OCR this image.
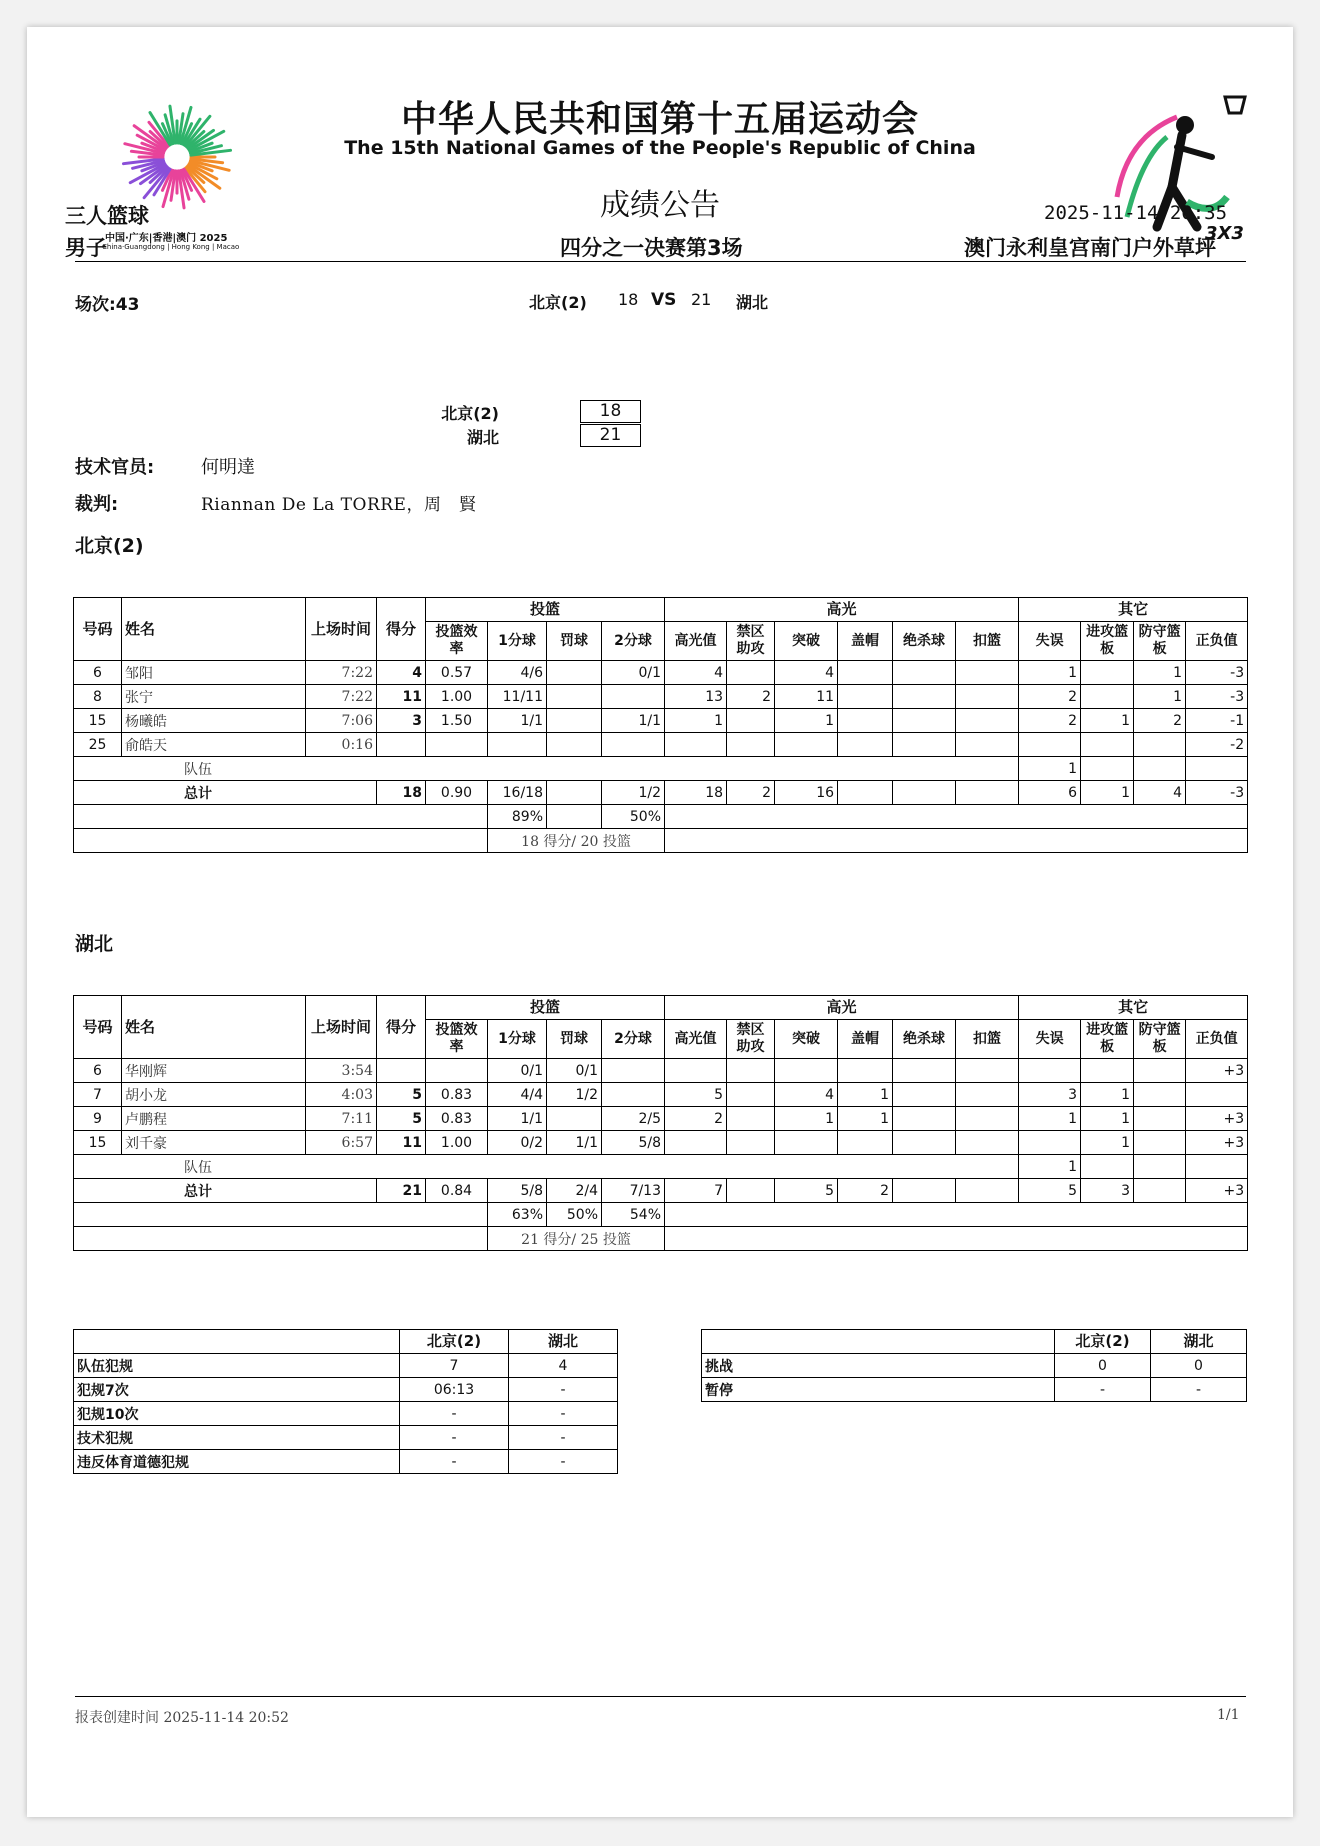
中国·广东|香港|澳门 2025
China·Guangdong | Hong Kong | Macao
中华人民共和国第十五届运动会
The 15th National Games of the People's Republic of China
成绩公告
3X3
三人篮球	2025-11-14 20:35
男子	四分之一决赛第3场	澳门永利皇宫南门户外草坪
场次:43	北京(2) 18 VS 21 湖北
北京(2)
湖北
18
21
技术官员:	何明達
裁判:	Riannan De La TORRE，周　賢
北京(2)
号码	姓名	上场时间	得分	投篮				高光						其它			
				投篮效率	1分球	罚球	2分球	高光值	禁区助攻	突破	盖帽	绝杀球	扣篮	失误	进攻篮板	防守篮板	正负值
6	邹阳	7:22	4	0.57	4/6		0/1	4		4				1		1	-3
8	张宁	7:22	11	1.00	11/11			13	2	11				2		1	-3
15	杨曦皓	7:06	3	1.50	1/1		1/1	1		1				2	1	2	-1
25	俞皓天	0:16															-2
队伍														1			
总计			18	0.90	16/18		1/2	18	2	16				6	1	4	-3
					89%		50%										
					18 得分/ 20 投篮												
湖北
号码	姓名	上场时间	得分	投篮				高光						其它			
				投篮效率	1分球	罚球	2分球	高光值	禁区助攻	突破	盖帽	绝杀球	扣篮	失误	进攻篮板	防守篮板	正负值
6	华刚辉	3:54			0/1	0/1											+3
7	胡小龙	4:03	5	0.83	4/4	1/2		5		4	1			3	1		
9	卢鹏程	7:11	5	0.83	1/1		2/5	2		1	1			1	1		+3
15	刘千豪	6:57	11	1.00	0/2	1/1	5/8								1		+3
队伍														1			
总计			21	0.84	5/8	2/4	7/13	7		5	2			5	3		+3
					63%	50%	54%										
					21 得分/ 25 投篮												
	北京(2)	湖北
队伍犯规	7	4
犯规7次	06:13	-
犯规10次	-	-
技术犯规	-	-
违反体育道德犯规	-	-
	北京(2)	湖北
挑战	0	0
暂停	-	-
报表创建时间 2025-11-14 20:52	1/1
